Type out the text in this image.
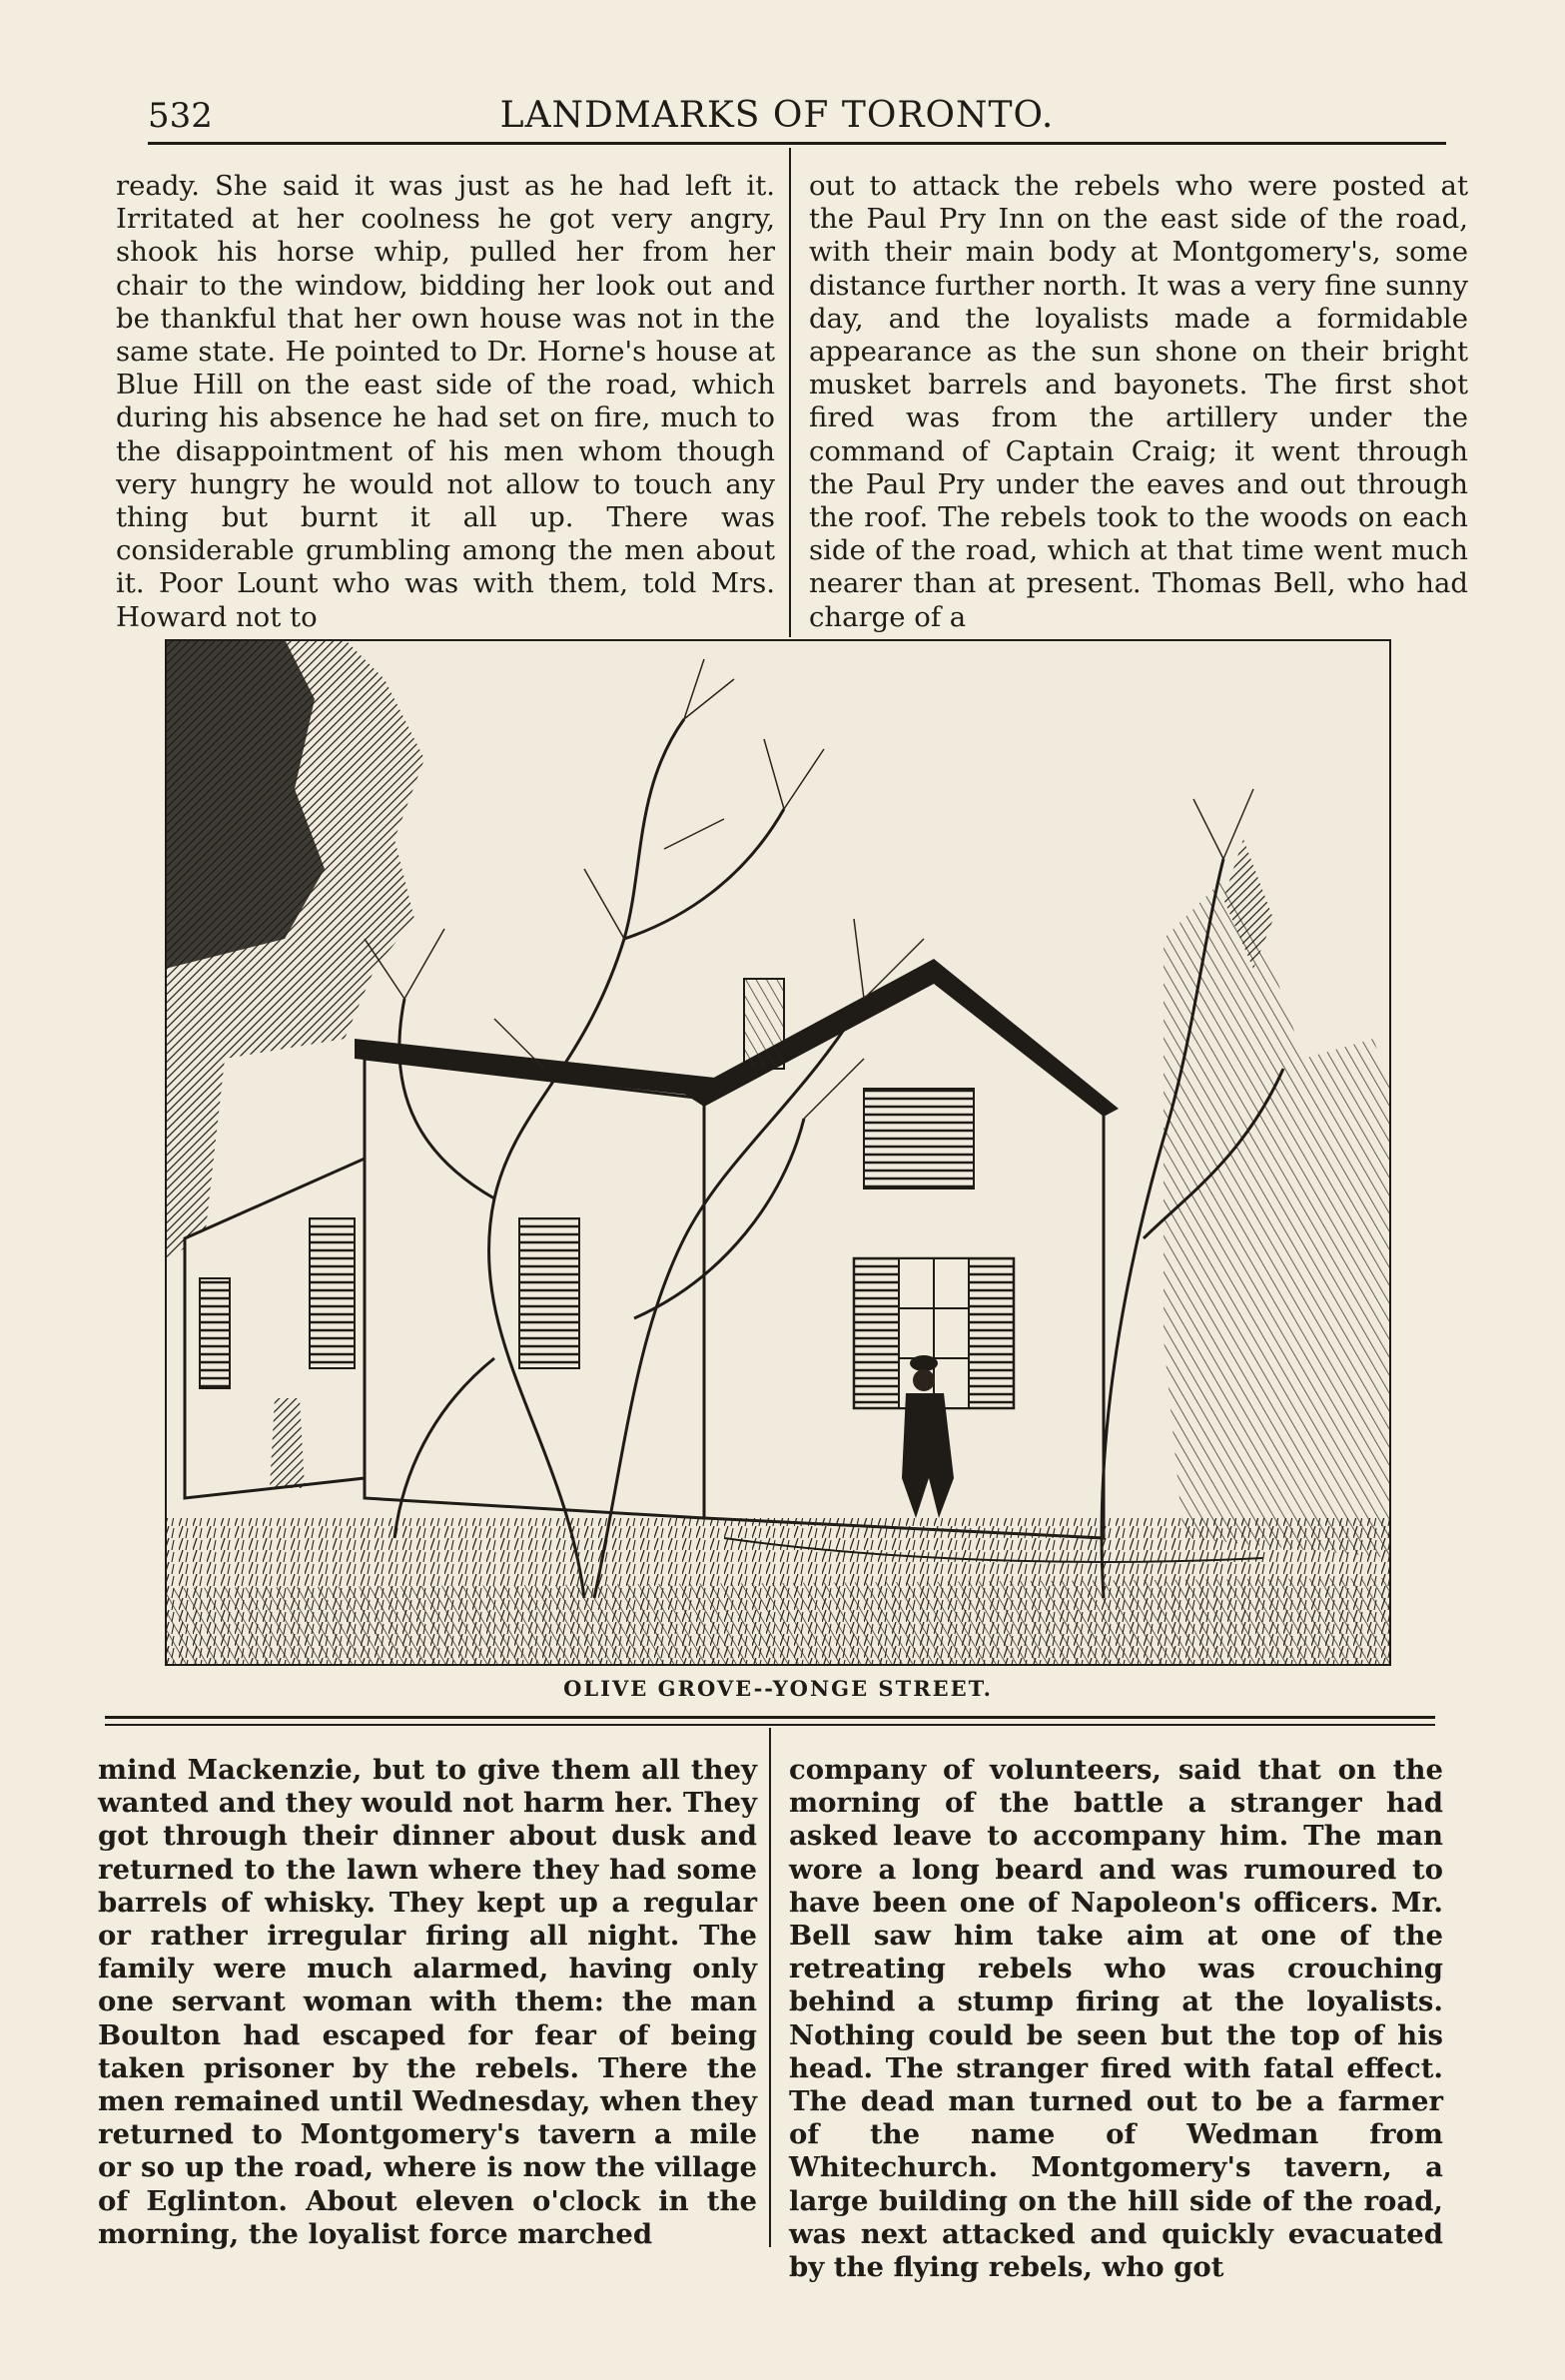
532	LANDMARKS OF TORONTO.

ready. She said it was just as he had left it. Irritated at her coolness he got very angry, shook his horse whip, pulled her from her chair to the window, bidding her look out and be thankful that her own house was not in the same state. He pointed to Dr. Horne's house at Blue Hill on the east side of the road, which during his absence he had set on fire, much to the disappointment of his men whom though very hungry he would not allow to touch any thing but burnt it all up. There was considerable grumbling among the men about it. Poor Lount who was with them, told Mrs. Howard not to

out to attack the rebels who were posted at the Paul Pry Inn on the east side of the road, with their main body at Montgomery's, some distance further north. It was a very fine sunny day, and the loyalists made a formidable appearance as the sun shone on their bright musket barrels and bayonets. The first shot fired was from the artillery under the command of Captain Craig; it went through the Paul Pry under the eaves and out through the roof. The rebels took to the woods on each side of the road, which at that time went much nearer than at present. Thomas Bell, who had charge of a

OLIVE GROVE--YONGE STREET.

mind Mackenzie, but to give them all they wanted and they would not harm her. They got through their dinner about dusk and returned to the lawn where they had some barrels of whisky. They kept up a regular or rather irregular firing all night. The family were much alarmed, having only one servant woman with them: the man Boulton had escaped for fear of being taken prisoner by the rebels. There the men remained until Wednesday, when they returned to Montgomery's tavern a mile or so up the road, where is now the village of Eglinton. About eleven o'clock in the morning, the loyalist force marched

company of volunteers, said that on the morning of the battle a stranger had asked leave to accompany him. The man wore a long beard and was rumoured to have been one of Napoleon's officers. Mr. Bell saw him take aim at one of the retreating rebels who was crouching behind a stump firing at the loyalists. Nothing could be seen but the top of his head. The stranger fired with fatal effect. The dead man turned out to be a farmer of the name of Wedman from Whitechurch. Montgomery's tavern, a large building on the hill side of the road, was next attacked and quickly evacuated by the flying rebels, who got
